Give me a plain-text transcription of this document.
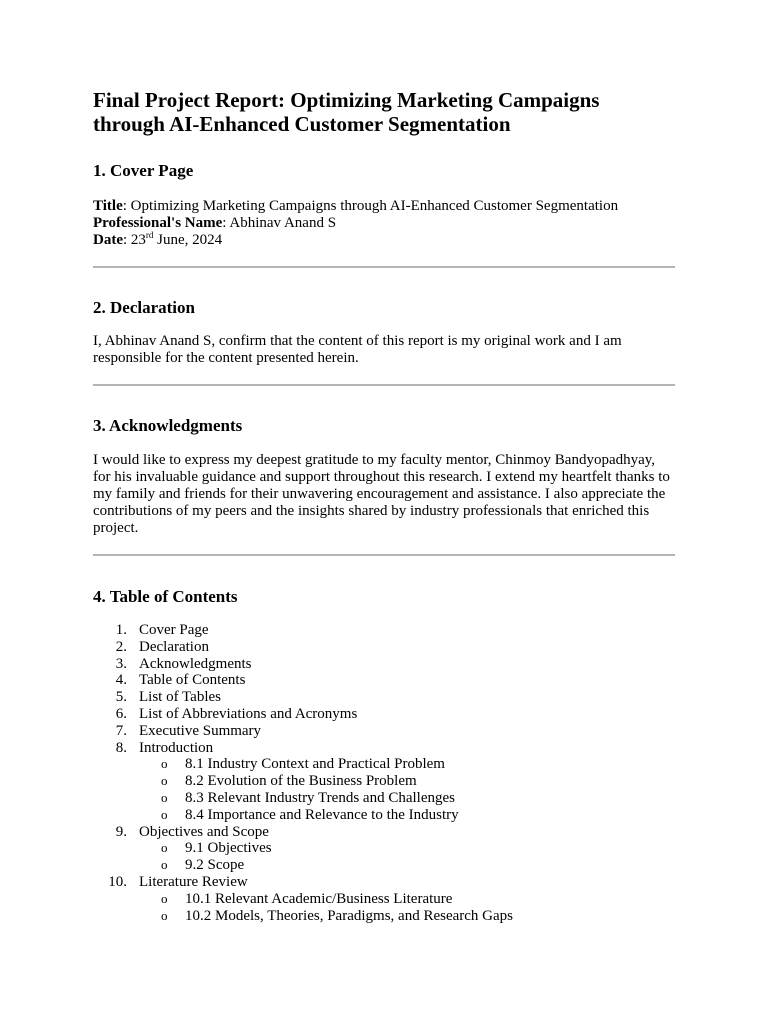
Final Project Report: Optimizing Marketing Campaigns through AI-Enhanced Customer Segmentation
1. Cover Page
Title: Optimizing Marketing Campaigns through AI-Enhanced Customer Segmentation
Professional's Name: Abhinav Anand S
Date: 23rd June, 2024
2. Declaration

I, Abhinav Anand S, confirm that the content of this report is my original work and I am responsible for the content presented herein.

3. Acknowledgments

I would like to express my deepest gratitude to my faculty mentor, Chinmoy Bandyopadhyay, for his invaluable guidance and support throughout this research. I extend my heartfelt thanks to my family and friends for their unwavering encouragement and assistance. I also appreciate the contributions of my peers and the insights shared by industry professionals that enriched this project.

4. Table of Contents
1. Cover Page
2. Declaration
3. Acknowledgments
4. Table of Contents
5. List of Tables
6. List of Abbreviations and Acronyms
7. Executive Summary
8. Introduction
o 8.1 Industry Context and Practical Problem
o 8.2 Evolution of the Business Problem
o 8.3 Relevant Industry Trends and Challenges
o 8.4 Importance and Relevance to the Industry
9. Objectives and Scope
o 9.1 Objectives
o 9.2 Scope
10. Literature Review
o 10.1 Relevant Academic/Business Literature
o 10.2 Models, Theories, Paradigms, and Research Gaps
